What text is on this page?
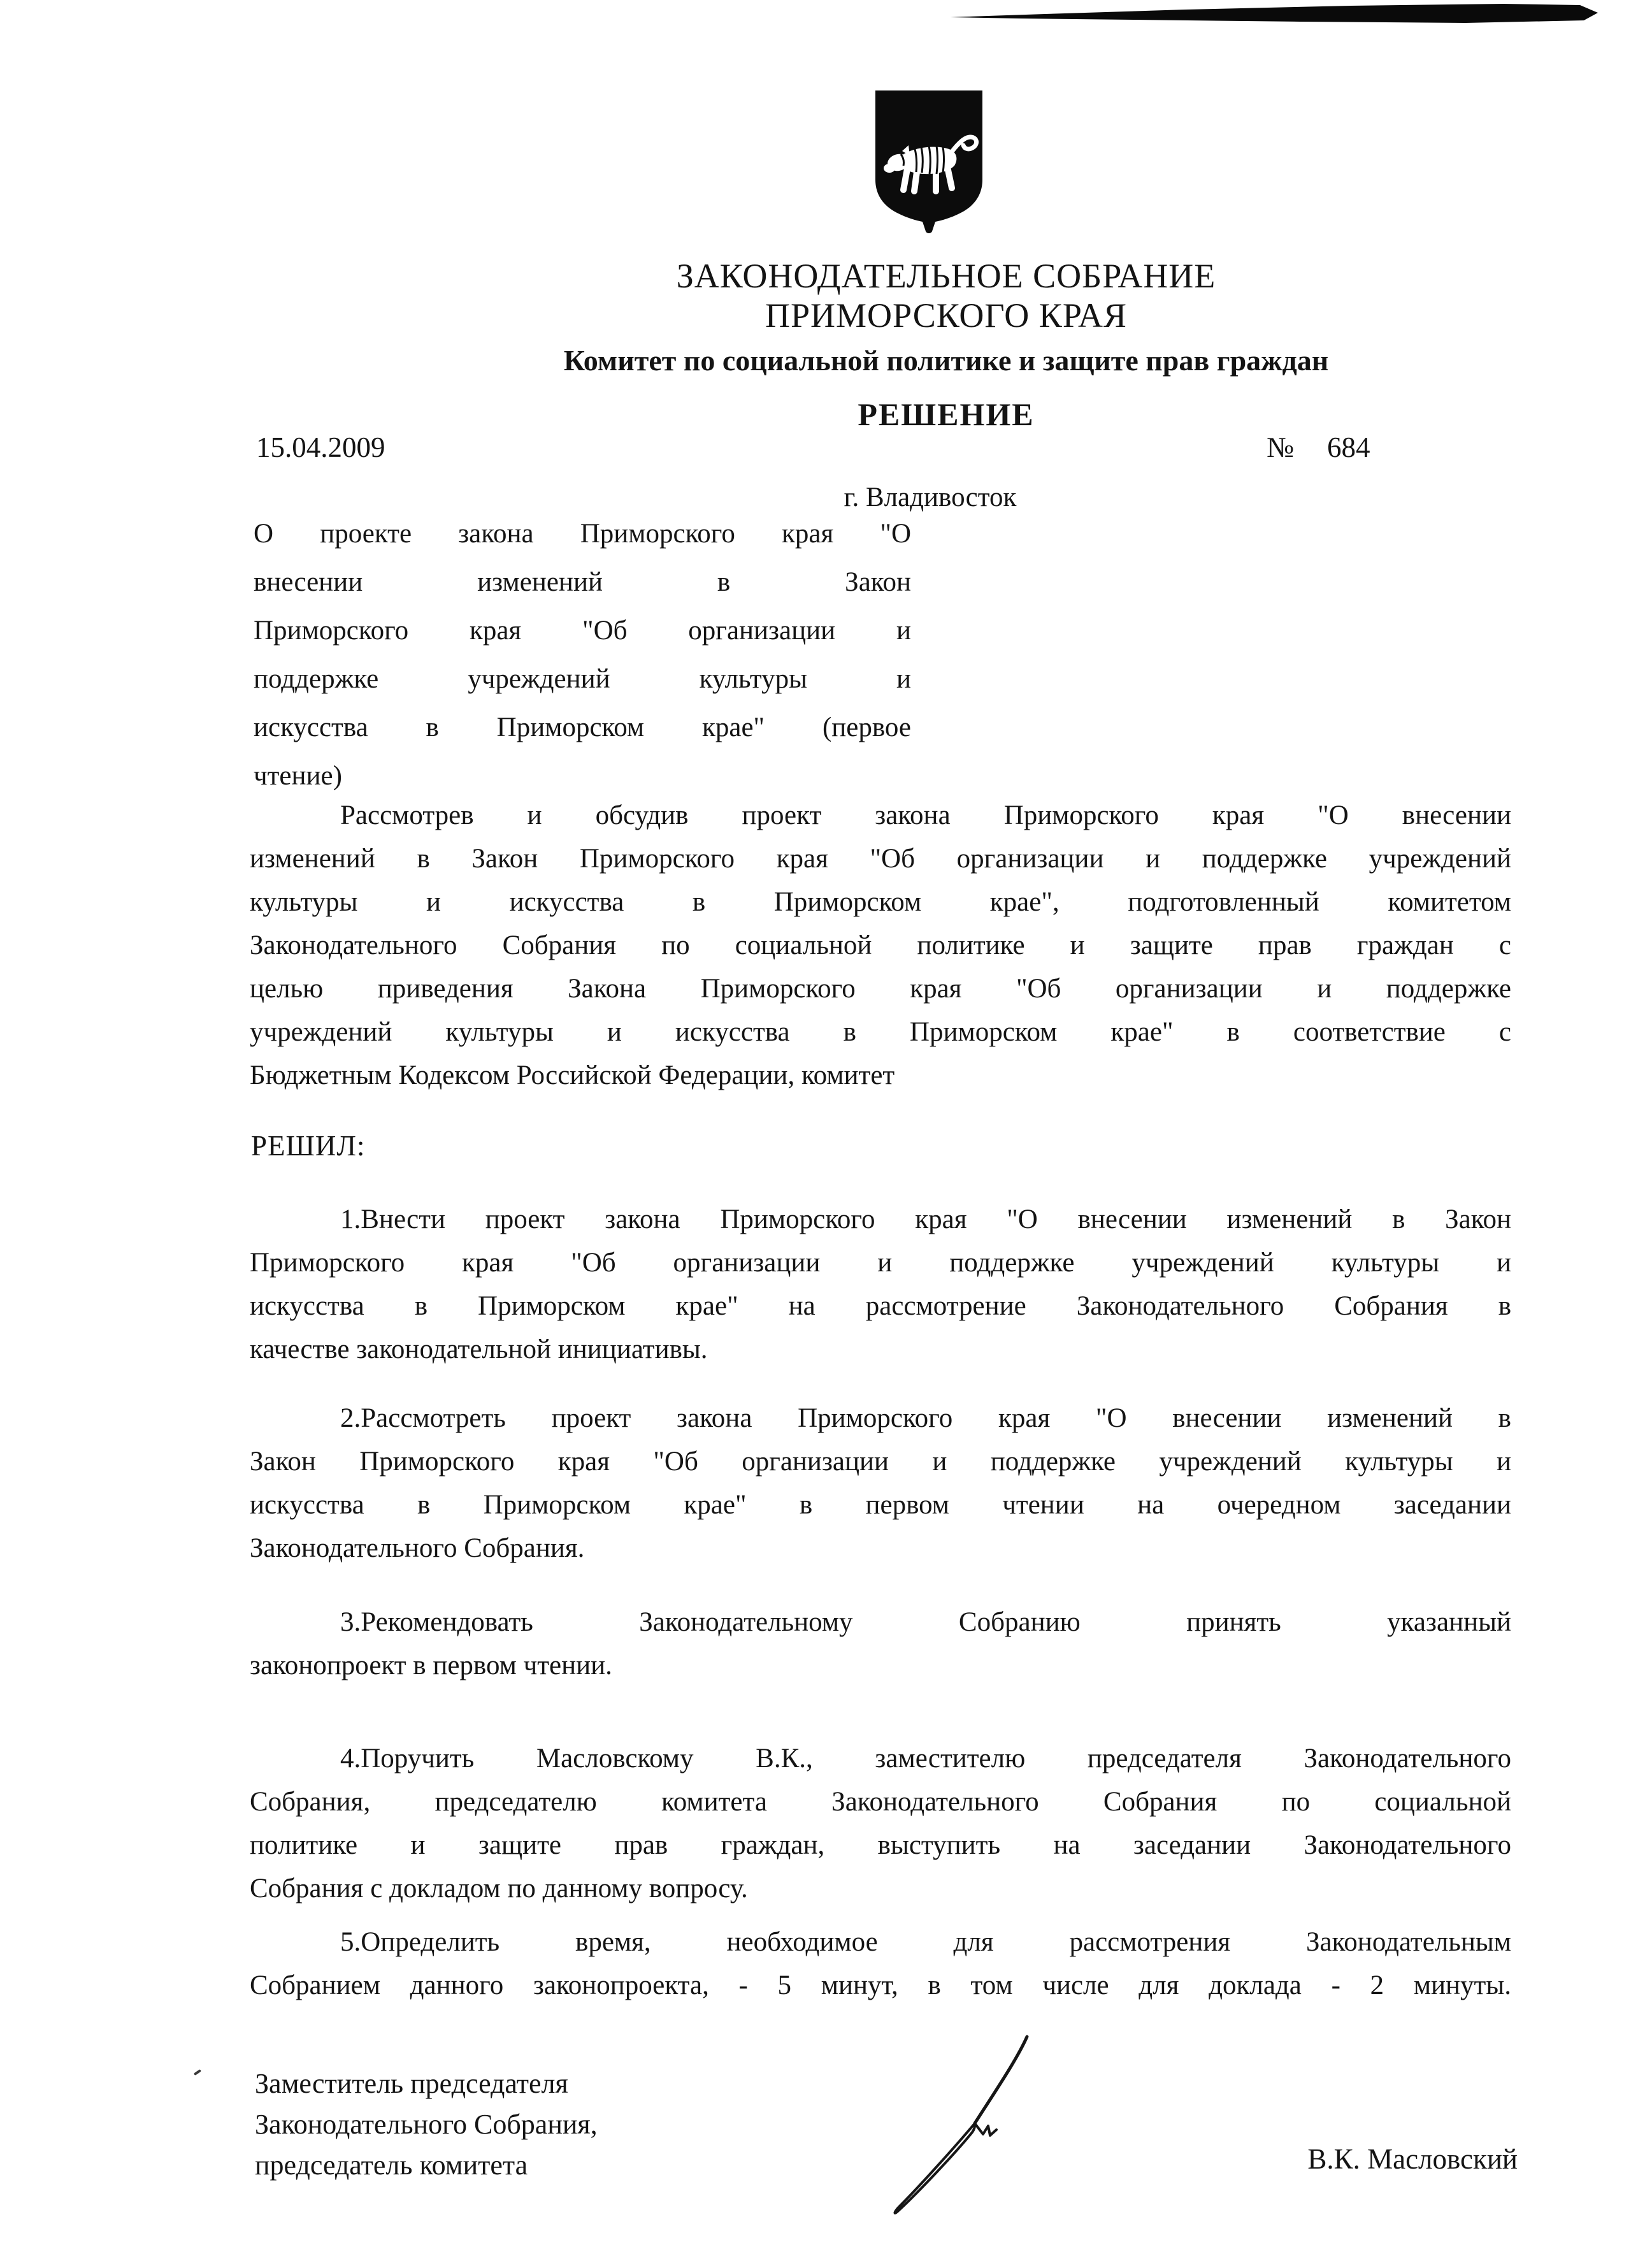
ЗАКОНОДАТЕЛЬНОЕ СОБРАНИЕ
ПРИМОРСКОГО КРАЯ
Комитет по социальной политике и защите прав граждан
РЕШЕНИЕ
15.04.2009	№ 684
г. Владивосток
О проекте закона Приморского края "О
внесении изменений в Закон
Приморского края "Об организации и
поддержке учреждений культуры и
искусства в Приморском крае" (первое
чтение)
Рассмотрев и обсудив проект закона Приморского края "О внесении
изменений в Закон Приморского края "Об организации и поддержке учреждений
культуры и искусства в Приморском крае", подготовленный комитетом
Законодательного Собрания по социальной политике и защите прав граждан с
целью приведения Закона Приморского края "Об организации и поддержке
учреждений культуры и искусства в Приморском крае" в соответствие с
Бюджетным Кодексом Российской Федерации, комитет
РЕШИЛ:
1.Внести проект закона Приморского края "О внесении изменений в Закон
Приморского края "Об организации и поддержке учреждений культуры и
искусства в Приморском крае" на рассмотрение Законодательного Собрания в
качестве законодательной инициативы.
2.Рассмотреть проект закона Приморского края "О внесении изменений в
Закон Приморского края "Об организации и поддержке учреждений культуры и
искусства в Приморском крае" в первом чтении на очередном заседании
Законодательного Собрания.
3.Рекомендовать Законодательному Собранию принять указанный
законопроект в первом чтении.
4.Поручить Масловскому В.К., заместителю председателя Законодательного
Собрания, председателю комитета Законодательного Собрания по социальной
политике и защите прав граждан, выступить на заседании Законодательного
Собрания с докладом по данному вопросу.
5.Определить время, необходимое для рассмотрения Законодательным
Собранием данного законопроекта, - 5 минут, в том числе для доклада - 2 минуты.
Заместитель председателя
Законодательного Собрания,
председатель комитета	В.К. Масловский
